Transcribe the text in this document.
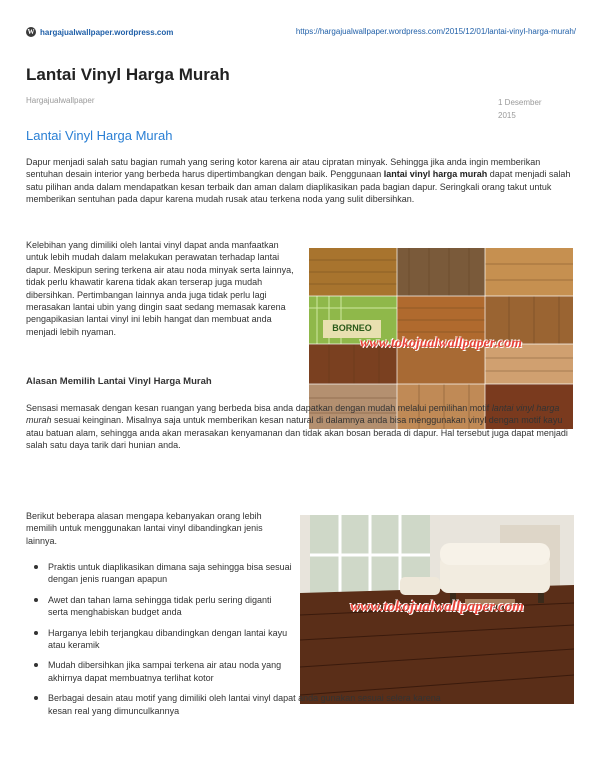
W hargajualwallpaper.wordpress.com	https://hargajualwallpaper.wordpress.com/2015/12/01/lantai-vinyl-harga-murah/
Lantai Vinyl Harga Murah
Hargajualwallpaper	1 Desember 2015
Lantai Vinyl Harga Murah

Dapur menjadi salah satu bagian rumah yang sering kotor karena air atau cipratan minyak. Sehingga jika anda ingin memberikan sentuhan desain interior yang berbeda harus dipertimbangkan dengan baik. Penggunaan lantai vinyl harga murah dapat menjadi salah satu pilihan anda dalam mendapatkan kesan terbaik dan aman dalam diaplikasikan pada bagian dapur. Seringkali orang takut untuk memberikan sentuhan pada dapur karena mudah rusak atau terkena noda yang sulit dibersihkan.

Kelebihan yang dimiliki oleh lantai vinyl dapat anda manfaatkan untuk lebih mudah dalam melakukan perawatan terhadap lantai dapur. Meskipun sering terkena air atau noda minyak serta lainnya, tidak perlu khawatir karena tidak akan terserap juga mudah dibersihkan. Pertimbangan lainnya anda juga tidak perlu lagi merasakan lantai ubin yang dingin saat sedang memasak karena pengapikasian lantai vinyl ini lebih hangat dan membuat anda menjadi lebih nyaman.	BORNEO
www.tokojualwallpaper.com
Alasan Memilih Lantai Vinyl Harga Murah

Sensasi memasak dengan kesan ruangan yang berbeda bisa anda dapatkan dengan mudah melalui pemilihan motif lantai vinyl harga murah sesuai keinginan. Misalnya saja untuk memberikan kesan natural di dalamnya anda bisa menggunakan vinyl dengan motif kayu atau batuan alam, sehingga anda akan merasakan kenyamanan dan tidak akan bosan berada di dapur. Hal tersebut juga dapat menjadi salah satu daya tarik dari hunian anda.

Berikut beberapa alasan mengapa kebanyakan orang lebih memilih untuk menggunakan lantai vinyl dibandingkan jenis lainnya.

www.tokojualwallpaper.com
Praktis untuk diaplikasikan dimana saja sehingga bisa sesuai dengan jenis ruangan apapun
Awet dan tahan lama sehingga tidak perlu sering diganti serta menghabiskan budget anda
Harganya lebih terjangkau dibandingkan dengan lantai kayu atau keramik
Mudah dibersihkan jika sampai terkena air atau noda yang akhirnya dapat membuatnya terlihat kotor
Berbagai desain atau motif yang dimiliki oleh lantai vinyl dapat anda gunakan sesuai selera karena kesan real yang dimunculkannya
